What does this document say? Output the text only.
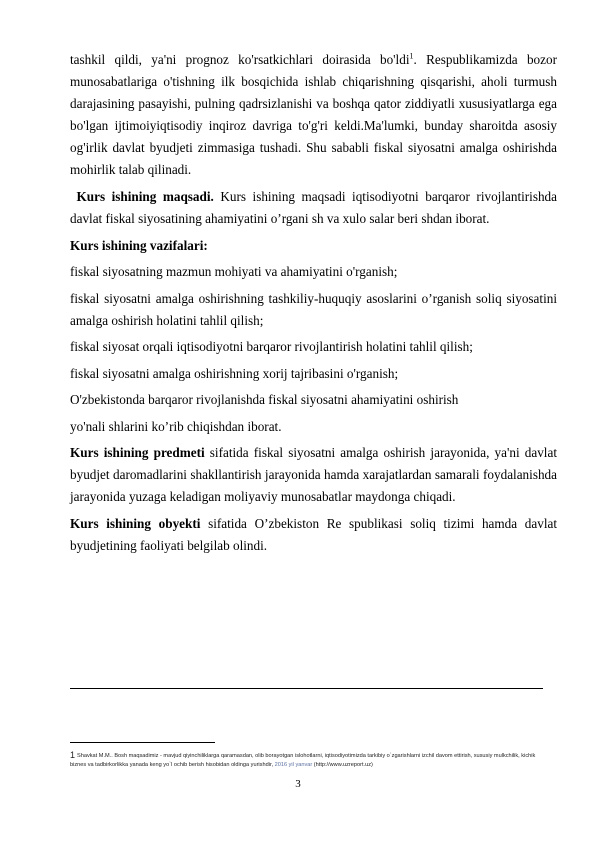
tashkil qildi, ya'ni prognoz ko'rsatkichlari doirasida bo'ldi$^1$. Respublikamizda bozor munosabatlariga o'tishning ilk bosqichida ishlab chiqarishning qisqarishi, aholi turmush darajasining pasayishi, pulning qadrsizlanishi va boshqa qator ziddiyatli xususiyatlarga ega bo'lgan ijtimoiyiqtisodiy inqiroz davriga to'g'ri keldi.Ma'lumki, bunday sharoitda asosiy og'irlik davlat byudjeti zimmasiga tushadi. Shu sababli fiskal siyosatni amalga oshirishda mohirlik talab qilinadi.

Kurs ishining maqsadi. Kurs ishining maqsadi iqtisodiyotni barqaror rivojlantirishda davlat fiskal siyosatining ahamiyatini o’rgani sh va xulo salar beri shdan iborat.

Kurs ishining vazifalari:

fiskal siyosatning mazmun mohiyati va ahamiyatini o'rganish;

fiskal siyosatni amalga oshirishning tashkiliy-huquqiy asoslarini o’rganish soliq siyosatini amalga oshirish holatini tahlil qilish;

fiskal siyosat orqali iqtisodiyotni barqaror rivojlantirish holatini tahlil qilish;

fiskal siyosatni amalga oshirishning xorij tajribasini o'rganish;

O'zbekistonda barqaror rivojlanishda fiskal siyosatni ahamiyatini oshirish

yo'nali shlarini ko’rib chiqishdan iborat.

Kurs ishining predmeti sifatida fiskal siyosatni amalga oshirish jarayonida, ya'ni davlat byudjet daromadlarini shakllantirish jarayonida hamda xarajatlardan samarali foydalanishda jarayonida yuzaga keladigan moliyaviy munosabatlar maydonga chiqadi.

Kurs ishining obyekti sifatida O’zbekiston Re spublikasi soliq tizimi hamda davlat byudjetining faoliyati belgilab olindi.

1 Shavkat M.M.. Bosh maqsadimiz - mavjud qiyinchiliklarga qaramasdan, olib borayotgan islohotlarni, iqtisodiyotimizda tarkibiy o`zgarishlarni izchil davom ettirish, xususiy mulkchilik, kichik biznes va tadbirkorlikka yanada keng yo`l ochib berish hisobidan oldinga yurishdir, 2016 yil yanvar (http://www.uzreport.uz)
3
